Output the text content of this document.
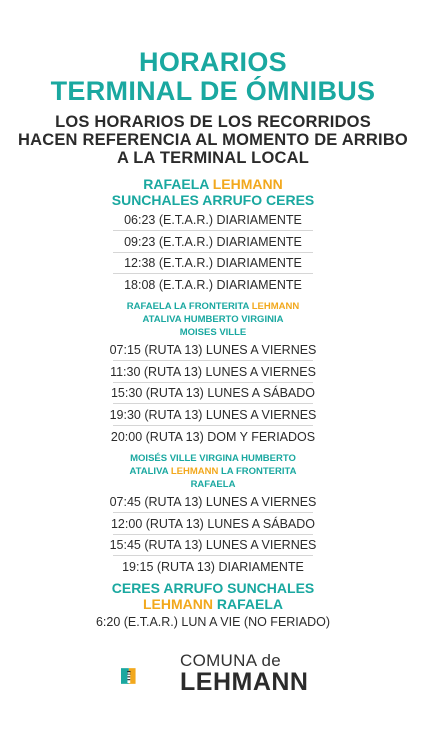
HORARIOS
TERMINAL DE ÓMNIBUS
LOS HORARIOS DE LOS RECORRIDOS
HACEN REFERENCIA AL MOMENTO DE ARRIBO
A LA TERMINAL LOCAL
RAFAELA LEHMANN
SUNCHALES ARRUFO CERES
06:23 (E.T.A.R.) DIARIAMENTE
09:23 (E.T.A.R.) DIARIAMENTE
12:38 (E.T.A.R.) DIARIAMENTE
18:08 (E.T.A.R.) DIARIAMENTE
RAFAELA LA FRONTERITA LEHMANN
ATALIVA HUMBERTO VIRGINIA
MOISES VILLE
07:15 (RUTA 13) LUNES A VIERNES
11:30 (RUTA 13) LUNES A VIERNES
15:30 (RUTA 13) LUNES A SÁBADO
19:30 (RUTA 13) LUNES A VIERNES
20:00 (RUTA 13) DOM Y FERIADOS
MOISÉS VILLE VIRGINA HUMBERTO
ATALIVA LEHMANN LA FRONTERITA
RAFAELA
07:45 (RUTA 13) LUNES A VIERNES
12:00 (RUTA 13) LUNES A SÁBADO
15:45 (RUTA 13) LUNES A VIERNES
19:15 (RUTA 13) DIARIAMENTE
CERES ARRUFO SUNCHALES
LEHMANN RAFAELA
6:20 (E.T.A.R.) LUN A VIE (NO FERIADO)
COMUNA de
LEHMANN
